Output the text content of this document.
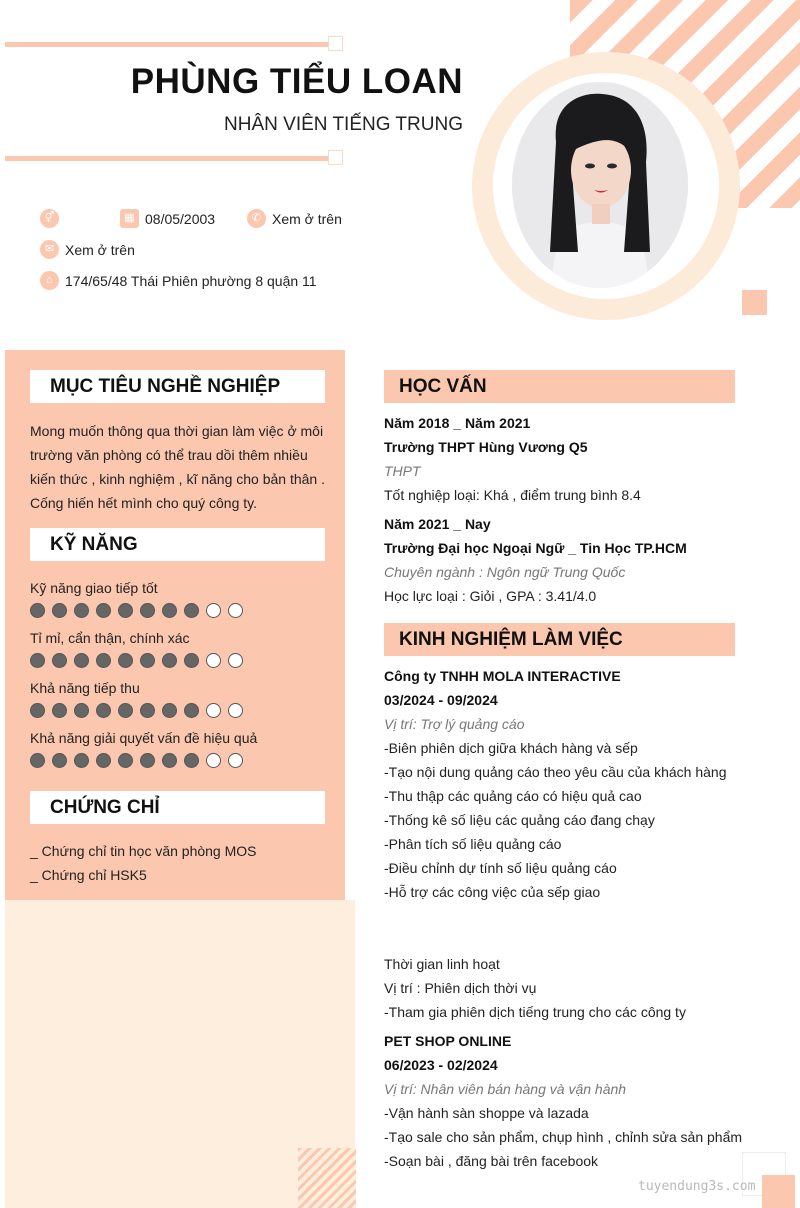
PHÙNG TIỂU LOAN
NHÂN VIÊN TIẾNG TRUNG
⚥	▦ 08/05/2003	✆ Xem ở trên
✉ Xem ở trên
⌂ 174/65/48 Thái Phiên phường 8 quận 11
MỤC TIÊU NGHỀ NGHIỆP
Mong muốn thông qua thời gian làm việc ở môi trường văn phòng có thể trau dồi thêm nhiều kiến thức , kinh nghiệm , kĩ năng cho bản thân . Cống hiến hết mình cho quý công ty.
KỸ NĂNG
Kỹ năng giao tiếp tốt
Tỉ mỉ, cẩn thận, chính xác
Khả năng tiếp thu
Khả năng giải quyết vấn đề hiệu quả
CHỨNG CHỈ
_ Chứng chỉ tin học văn phòng MOS
_ Chứng chỉ HSK5
HỌC VẤN
Năm 2018 _ Năm 2021
Trường THPT Hùng Vương Q5
THPT
Tốt nghiệp loại: Khá , điểm trung bình 8.4
Năm 2021 _ Nay
Trường Đại học Ngoại Ngữ _ Tin Học TP.HCM
Chuyên ngành : Ngôn ngữ Trung Quốc
Học lực loại : Giỏi , GPA : 3.41/4.0
KINH NGHIỆM LÀM VIỆC
Công ty TNHH MOLA INTERACTIVE
03/2024 - 09/2024
Vị trí: Trợ lý quảng cáo
-Biên phiên dịch giữa khách hàng và sếp
-Tạo nội dung quảng cáo theo yêu cầu của khách hàng
-Thu thập các quảng cáo có hiệu quả cao
-Thống kê số liệu các quảng cáo đang chạy
-Phân tích số liệu quảng cáo
-Điều chỉnh dự tính số liệu quảng cáo
-Hỗ trợ các công việc của sếp giao
Thời gian linh hoạt
Vị trí : Phiên dịch thời vụ
-Tham gia phiên dịch tiếng trung cho các công ty
PET SHOP ONLINE
06/2023 - 02/2024
Vị trí: Nhân viên bán hàng và vận hành
-Vận hành sàn shoppe và lazada
-Tạo sale cho sản phẩm, chụp hình , chỉnh sửa sản phẩm
-Soạn bài , đăng bài trên facebook
tuyendung3s.com
